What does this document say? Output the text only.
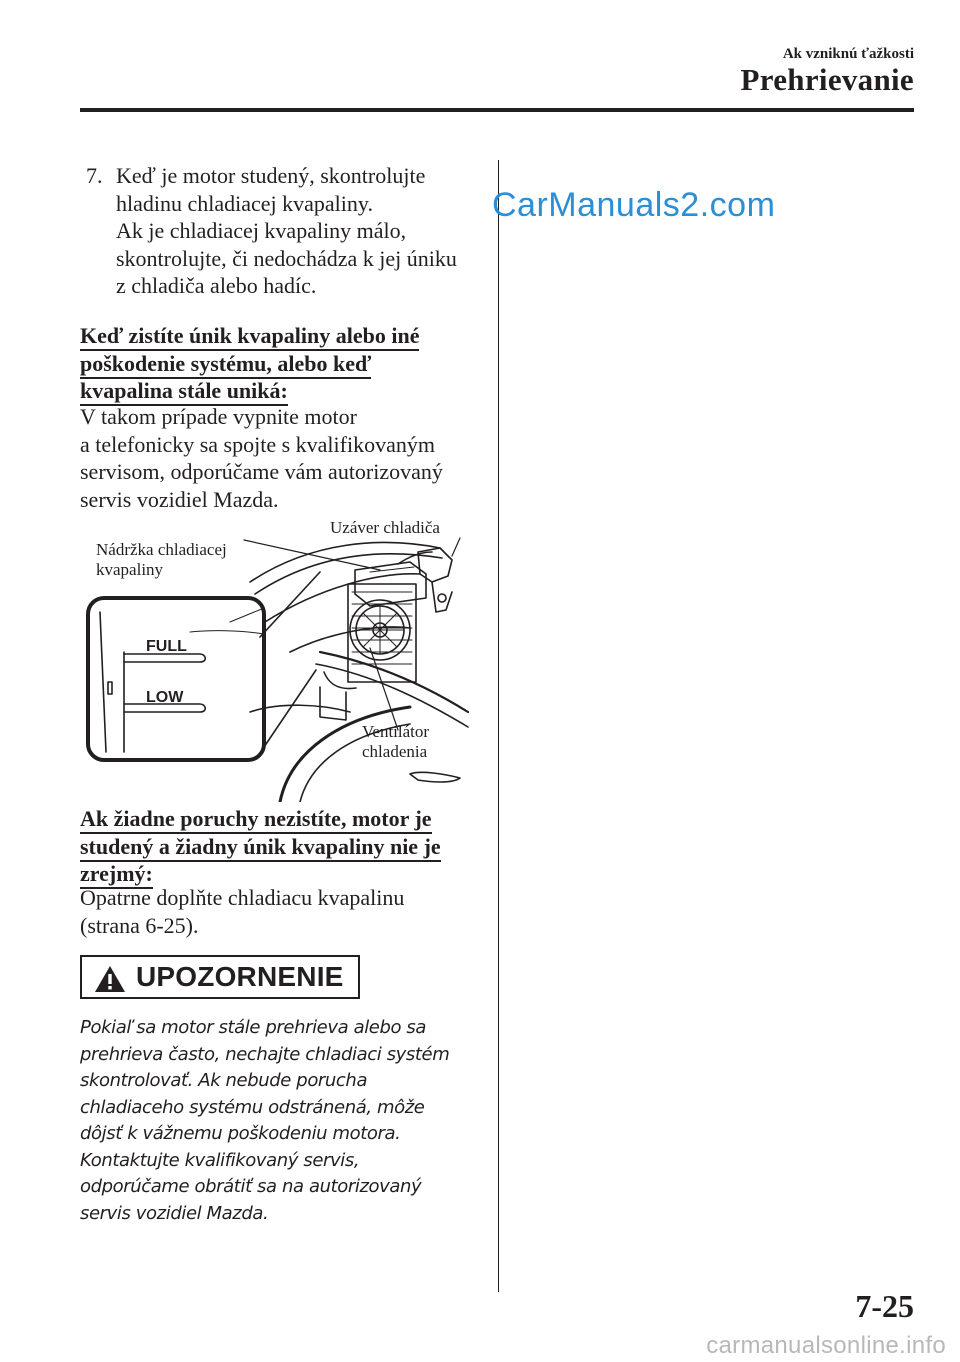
Ak vzniknú ťažkosti
Prehrievanie
CarManuals2.com
7. Keď je motor studený, skontrolujte

hladinu chladiacej kvapaliny.

Ak je chladiacej kvapaliny málo,

skontrolujte, či nedochádza k jej úniku

z chladiča alebo hadíc.

Keď zistíte únik kvapaliny alebo iné
poškodenie systému, alebo keď
kvapalina stále uniká:

V takom prípade vypnite motor

a telefonicky sa spojte s kvalifikovaným

servisom, odporúčame vám autorizovaný

servis vozidiel Mazda.

FULL
LOW
Uzáver chladiča
Nádržka chladiacej
kvapaliny
Ventilátor
chladenia
Ak žiadne poruchy nezistíte, motor je
studený a žiadny únik kvapaliny nie je
zrejmý:

Opatrne doplňte chladiacu kvapalinu

(strana 6-25).

UPOZORNENIE

Pokiaľ sa motor stále prehrieva alebo sa

prehrieva často, nechajte chladiaci systém

skontrolovať. Ak nebude porucha

chladiaceho systému odstránená, môže

dôjsť k vážnemu poškodeniu motora.

Kontaktujte kvalifikovaný servis,

odporúčame obrátiť sa na autorizovaný

servis vozidiel Mazda.

7-25
carmanualsonline.info
